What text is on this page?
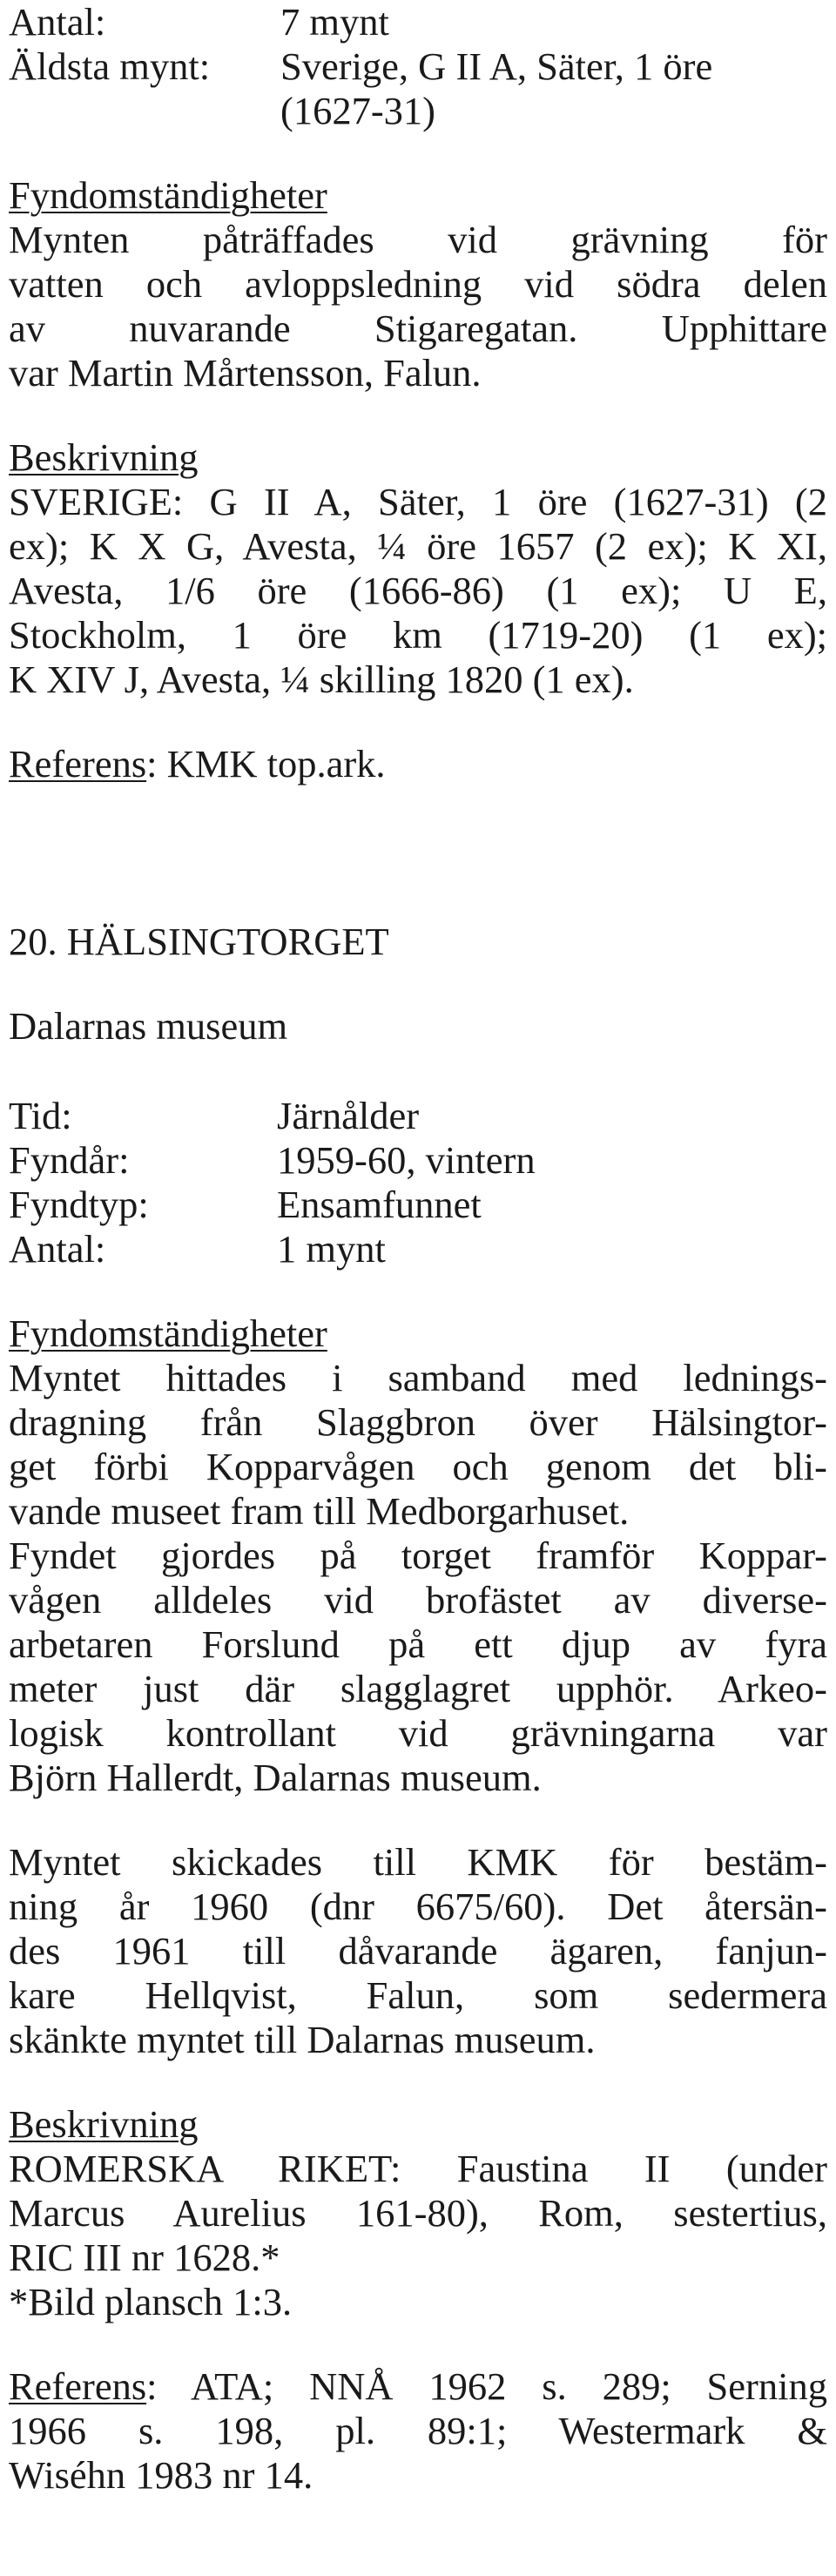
Antal:	7 mynt
Äldsta mynt:	Sverige, G II A, Säter, 1 öre
(1627-31)
Fyndomständigheter
Mynten påträffades vid grävning för
vatten och avloppsledning vid södra delen
av nuvarande Stigaregatan. Upphittare
var Martin Mårtensson, Falun.
Beskrivning
SVERIGE: G II A, Säter, 1 öre (1627-31) (2
ex); K X G, Avesta, ¼ öre 1657 (2 ex); K XI,
Avesta, 1/6 öre (1666-86) (1 ex); U E,
Stockholm, 1 öre km (1719-20) (1 ex);
K XIV J, Avesta, ¼ skilling 1820 (1 ex).
Referens: KMK top.ark.
20. HÄLSINGTORGET
Dalarnas museum
Tid:	Järnålder
Fyndår:	1959-60, vintern
Fyndtyp:	Ensamfunnet
Antal:	1 mynt
Fyndomständigheter
Myntet hittades i samband med lednings-
dragning från Slaggbron över Hälsingtor-
get förbi Kopparvågen och genom det bli-
vande museet fram till Medborgarhuset.
Fyndet gjordes på torget framför Koppar-
vågen alldeles vid brofästet av diverse-
arbetaren Forslund på ett djup av fyra
meter just där slagglagret upphör. Arkeo-
logisk kontrollant vid grävningarna var
Björn Hallerdt, Dalarnas museum.
Myntet skickades till KMK för bestäm-
ning år 1960 (dnr 6675/60). Det återsän-
des 1961 till dåvarande ägaren, fanjun-
kare Hellqvist, Falun, som sedermera
skänkte myntet till Dalarnas museum.
Beskrivning
ROMERSKA RIKET: Faustina II (under
Marcus Aurelius 161-80), Rom, sestertius,
RIC III nr 1628.*
*Bild plansch 1:3.
Referens: ATA; NNÅ 1962 s. 289; Serning
1966 s. 198, pl. 89:1; Westermark &
Wiséhn 1983 nr 14.
